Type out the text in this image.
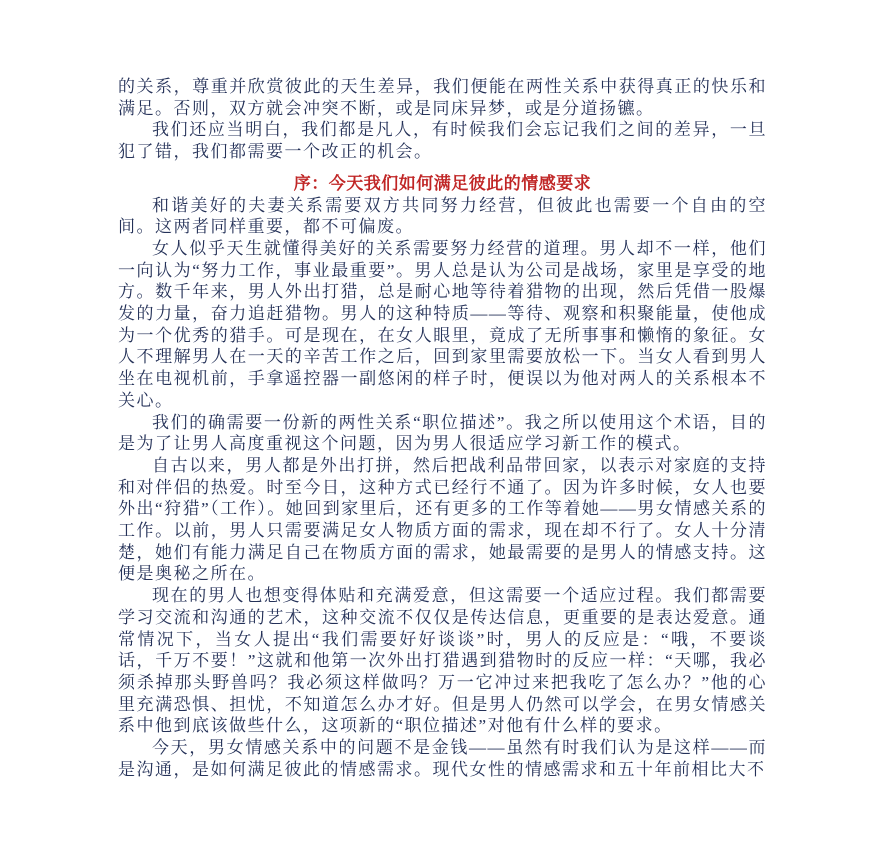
的关系，尊重并欣赏彼此的天生差异，我们便能在两性关系中获得真正的快乐和满足。否则，双方就会冲突不断，或是同床异梦，或是分道扬镳。

我们还应当明白，我们都是凡人，有时候我们会忘记我们之间的差异，一旦犯了错，我们都需要一个改正的机会。

序：今天我们如何满足彼此的情感要求

和谐美好的夫妻关系需要双方共同努力经营，但彼此也需要一个自由的空间。这两者同样重要，都不可偏废。

女人似乎天生就懂得美好的关系需要努力经营的道理。男人却不一样，他们一向认为“努力工作，事业最重要”。男人总是认为公司是战场，家里是享受的地方。数千年来，男人外出打猎，总是耐心地等待着猎物的出现，然后凭借一股爆发的力量，奋力追赶猎物。男人的这种特质——等待、观察和积聚能量，使他成为一个优秀的猎手。可是现在，在女人眼里，竟成了无所事事和懒惰的象征。女人不理解男人在一天的辛苦工作之后，回到家里需要放松一下。当女人看到男人坐在电视机前，手拿遥控器一副悠闲的样子时，便误以为他对两人的关系根本不关心。

我们的确需要一份新的两性关系“职位描述”。我之所以使用这个术语，目的是为了让男人高度重视这个问题，因为男人很适应学习新工作的模式。

自古以来，男人都是外出打拼，然后把战利品带回家，以表示对家庭的支持和对伴侣的热爱。时至今日，这种方式已经行不通了。因为许多时候，女人也要外出“狩猎”（工作）。她回到家里后，还有更多的工作等着她——男女情感关系的工作。以前，男人只需要满足女人物质方面的需求，现在却不行了。女人十分清楚，她们有能力满足自己在物质方面的需求，她最需要的是男人的情感支持。这便是奥秘之所在。

现在的男人也想变得体贴和充满爱意，但这需要一个适应过程。我们都需要学习交流和沟通的艺术，这种交流不仅仅是传达信息，更重要的是表达爱意。通常情况下，当女人提出“我们需要好好谈谈”时，男人的反应是：“哦，不要谈话，千万不要！”这就和他第一次外出打猎遇到猎物时的反应一样：“天哪，我必须杀掉那头野兽吗？我必须这样做吗？万一它冲过来把我吃了怎么办？”他的心里充满恐惧、担忧，不知道怎么办才好。但是男人仍然可以学会，在男女情感关系中他到底该做些什么，这项新的“职位描述”对他有什么样的要求。

今天，男女情感关系中的问题不是金钱——虽然有时我们认为是这样——而是沟通，是如何满足彼此的情感需求。现代女性的情感需求和五十年前相比大不
